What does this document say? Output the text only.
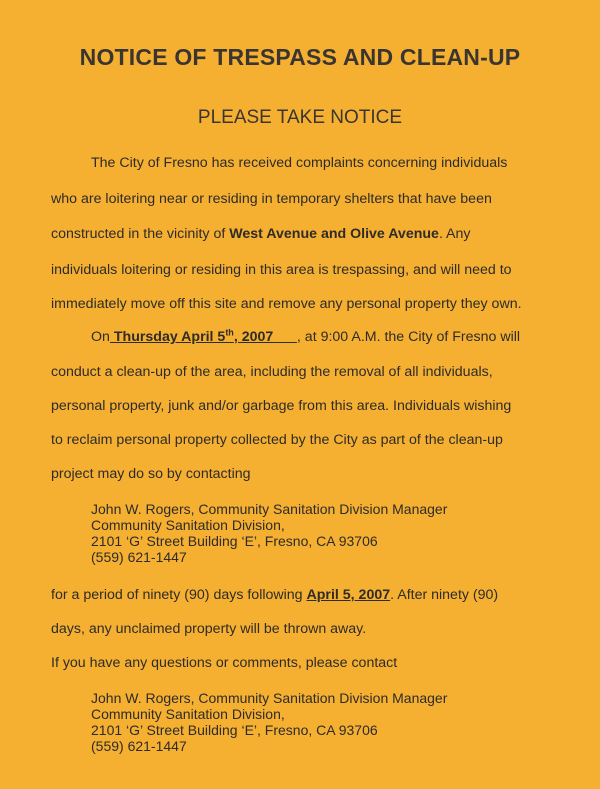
NOTICE OF TRESPASS AND CLEAN-UP
PLEASE TAKE NOTICE
The City of Fresno has received complaints concerning individuals
who are loitering near or residing in temporary shelters that have been
constructed in the vicinity of West Avenue and Olive Avenue. Any
individuals loitering or residing in this area is trespassing, and will need to
immediately move off this site and remove any personal property they own.
On Thursday April 5th, 2007      , at 9:00 A.M. the City of Fresno will
conduct a clean-up of the area, including the removal of all individuals,
personal property, junk and/or garbage from this area. Individuals wishing
to reclaim personal property collected by the City as part of the clean-up
project may do so by contacting
John W. Rogers, Community Sanitation Division Manager
Community Sanitation Division,
2101 ‘G’ Street Building ‘E’, Fresno, CA 93706
(559) 621-1447
for a period of ninety (90) days following April 5, 2007. After ninety (90)
days, any unclaimed property will be thrown away.
If you have any questions or comments, please contact
John W. Rogers, Community Sanitation Division Manager
Community Sanitation Division,
2101 ‘G’ Street Building ‘E’, Fresno, CA 93706
(559) 621-1447
